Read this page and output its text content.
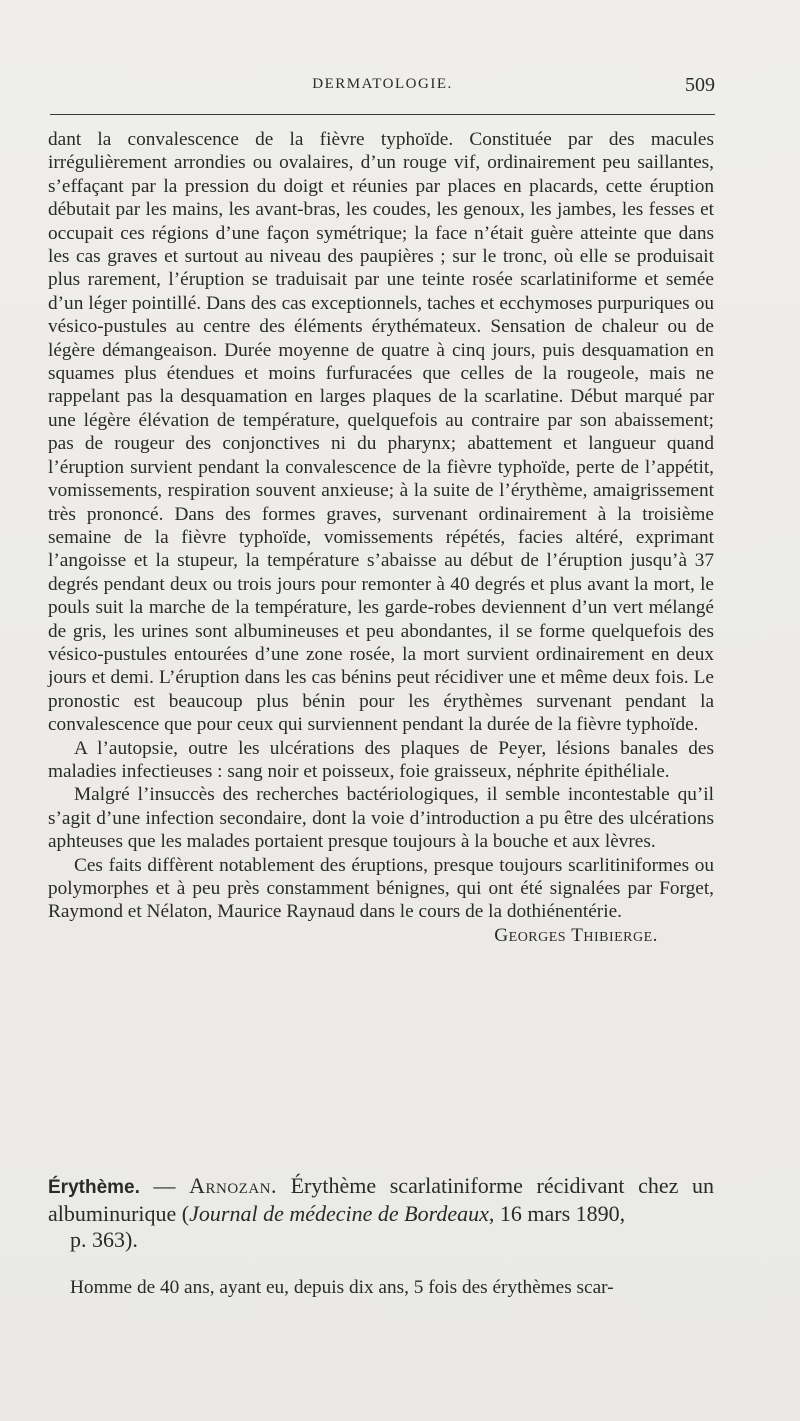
DERMATOLOGIE.	509

dant la convalescence de la fièvre typhoïde. Constituée par des macules irrégulièrement arrondies ou ovalaires, d’un rouge vif, ordinairement peu saillantes, s’effaçant par la pression du doigt et réunies par places en placards, cette éruption débutait par les mains, les avant-bras, les coudes, les genoux, les jambes, les fesses et occupait ces régions d’une façon symétrique; la face n’était guère atteinte que dans les cas graves et surtout au niveau des paupières ; sur le tronc, où elle se produisait plus rarement, l’éruption se traduisait par une teinte rosée scarlatiniforme et semée d’un léger pointillé. Dans des cas exceptionnels, taches et ecchymoses purpuriques ou vésico-pustules au centre des éléments érythémateux. Sensation de chaleur ou de légère démangeaison. Durée moyenne de quatre à cinq jours, puis desquamation en squames plus étendues et moins furfuracées que celles de la rougeole, mais ne rappelant pas la desquamation en larges plaques de la scarlatine. Début marqué par une légère élévation de température, quelquefois au contraire par son abaissement; pas de rougeur des conjonctives ni du pharynx; abattement et langueur quand l’éruption survient pendant la convalescence de la fièvre typhoïde, perte de l’appétit, vomissements, respiration souvent anxieuse; à la suite de l’érythème, amaigrissement très prononcé. Dans des formes graves, survenant ordinairement à la troisième semaine de la fièvre typhoïde, vomissements répétés, facies altéré, exprimant l’angoisse et la stupeur, la température s’abaisse au début de l’éruption jusqu’à 37 degrés pendant deux ou trois jours pour remonter à 40 degrés et plus avant la mort, le pouls suit la marche de la température, les garde-robes deviennent d’un vert mélangé de gris, les urines sont albumineuses et peu abondantes, il se forme quelquefois des vésico-pustules entourées d’une zone rosée, la mort survient ordinairement en deux jours et demi. L’éruption dans les cas bénins peut récidiver une et même deux fois. Le pronostic est beaucoup plus bénin pour les érythèmes survenant pendant la convalescence que pour ceux qui surviennent pendant la durée de la fièvre typhoïde.

A l’autopsie, outre les ulcérations des plaques de Peyer, lésions banales des maladies infectieuses : sang noir et poisseux, foie graisseux, néphrite épithéliale.

Malgré l’insuccès des recherches bactériologiques, il semble incontestable qu’il s’agit d’une infection secondaire, dont la voie d’introduction a pu être des ulcérations aphteuses que les malades portaient presque toujours à la bouche et aux lèvres.

Ces faits diffèrent notablement des éruptions, presque toujours scarlitiniformes ou polymorphes et à peu près constamment bénignes, qui ont été signalées par Forget, Raymond et Nélaton, Maurice Raynaud dans le cours de la dothiénentérie.
Georges Thibierge.

Érythème. — Arnozan. Érythème scarlatiniforme récidivant chez un albuminurique (Journal de médecine de Bordeaux, 16 mars 1890,
p. 363).
Homme de 40 ans, ayant eu, depuis dix ans, 5 fois des érythèmes scar-
